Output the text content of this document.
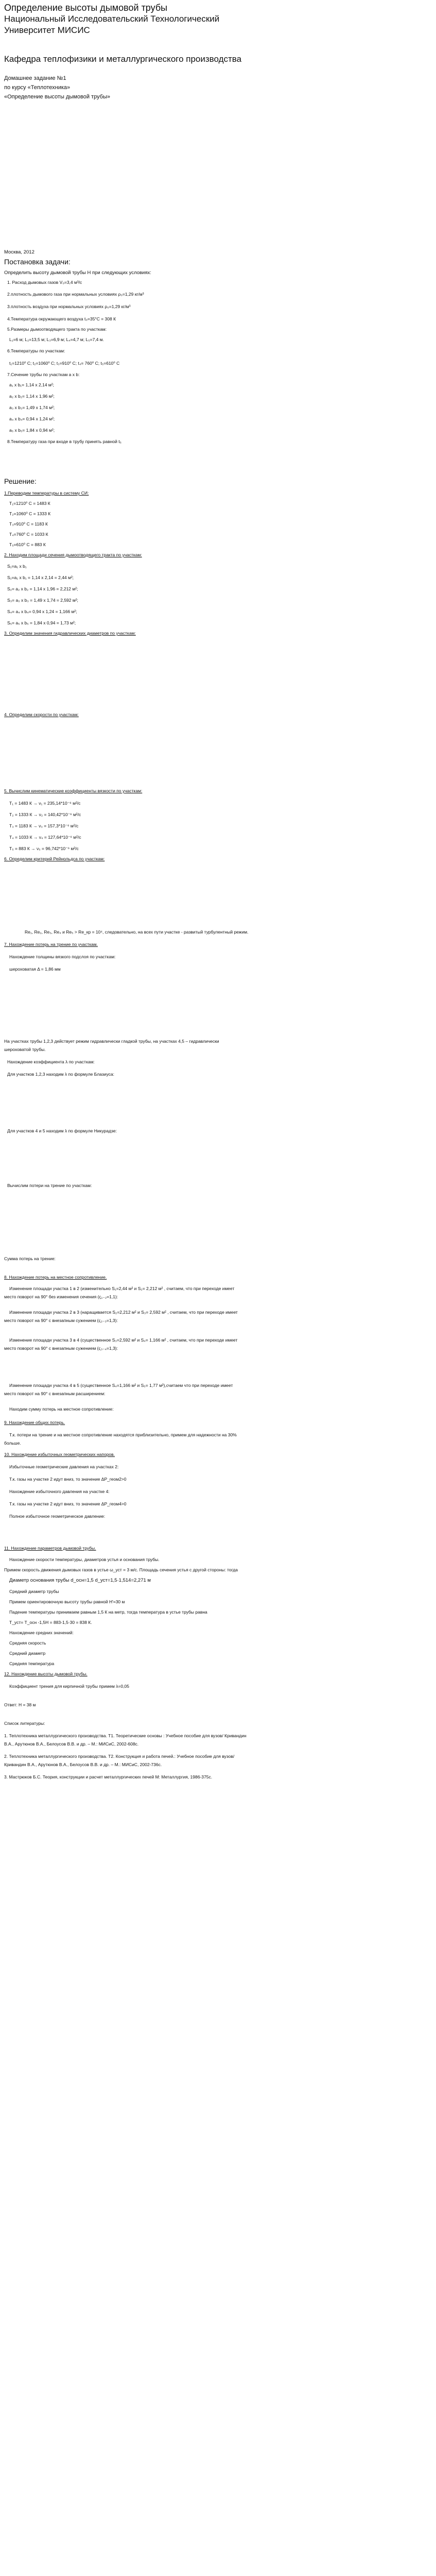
Определение высоты дымовой трубы
Национальный Исследовательский Технологический
Университет МИСИС
Кафедра теплофизики и металлургического производства
Домашнее задание №1
по курсу «Теплотехника»
«Определение высоты дымовой трубы»
Москва, 2012
Постановка задачи:
Определить высоту дымовой трубы Н при следующих условиях:
1. Расход дымовых газов V₀=3,4 м³/с
2.плотность дымового газа при нормальных условиях ρ₀=1,29 кг/м³
3.плотность воздуха при нормальных условиях ρ₀=1,29 кг/м³
4.Температура окружающего воздуха t₀=35°С = 308 К
5.Размеры дымоотводящего тракта по участкам:
L₁=6 м; L₂=13,5 м; L₃=6,9 м; L₄=4,7 м; L₅=7,4 м.
6.Температуры по участкам:
t₁=1210⁰ С; t₂=1060⁰ С; t₃=910⁰ С; t₄= 760⁰ С; t₅=610⁰ С
7.Сечение трубы по участкам а х b:
a₁ x b₁= 1,14 x 2,14 м²;
a₂ x b₂= 1,14 x 1,96 м²;
a₃ x b₃= 1,49 x 1,74 м²;
a₄ x b₄= 0,94 x 1,24 м²;
a₅ x b₅= 1,84 x 0,94 м²;
8.Температуру газа при входе в трубу принять равной t₅
Решение:
1.Переводим температуры в систему СИ:
T₁=1210⁰ С = 1483 К
T₂=1060⁰ С = 1333 К
T₃=910⁰ С = 1183 К
T₄=760⁰ С = 1033 К
T₅=610⁰ С = 883 К
2. Находим площади сечения дымоотводящего тракта по участкам:
S₁=a₁ x b₁
S₁=a₁ x b₁ = 1,14 x 2,14 = 2,44 м²;
S₂= a₂ x b₂ = 1,14 x 1,96 = 2,212 м²;
S₃= a₃ x b₃ = 1,49 x 1,74 = 2,592 м²;
S₄= a₄ x b₄= 0,94 x 1,24 = 1,166 м²;
S₅= a₅ x b₅ = 1,84 x 0,94 = 1,73 м²;
3. Определим значения гидравлических диаметров по участкам:
4. Определим скорости по участкам:
5. Вычислим кинематические коэффициенты вязкости по участкам:
T₁ = 1483 К → ν₁ = 235,14*10⁻⁶ м²/с
T₂ = 1333 К → ν₂ = 140,42*10⁻⁶ м²/с
T₃ = 1183 К → ν₃ = 157,3*10⁻⁶ м²/с
T₄ = 1033 К → ν₄ = 127,64*10⁻⁶ м²/с
T₅ = 883 К → ν₅ = 96,742*10⁻⁶ м²/с
6. Определим критерий Рейнольдса по участкам:
Re₁, Re₂, Re₃, Re₄ и Re₅ > Re_кр = 10⁴, следовательно, на всех пути участке - развитый турбулентный режим.
7. Нахождение потерь на трение по участкам.
Нахождение толщины вязкого подслоя по участкам:
шероховатая Δ = 1,86 мм
На участках трубы 1,2,3 действует режим гидравлически гладкой трубы, на участках 4,5 – гидравлически
шероховатой трубы.
Нахождение коэффициента λ по участкам:
Для участков 1,2,3 находим λ по формуле Блазиуса:
Для участков 4 и 5 находим λ по формуле Никурадзе:
Вычислим потери на трение по участкам:
Сумма потерь на трение:
8. Нахождение потерь на местное сопротивление.
Изменение площади участка 1 в 2 (изменительно S₁=2,44 м² и S₂= 2,212 м² , считаем, что при переходе имеет
место поворот на 90° без изменения сечения (ς₁₋₂=1,1):
Изменение площади участка 2 в 3 (наращивается S₂=2,212 м² и S₃= 2,592 м² , считаем, что при переходе имеет
место поворот на 90° с внезапным сужением (ς₂₋₃=1,3):
Изменение площади участка 3 в 4 (существенное S₃=2,592 м² и S₄= 1,166 м² , считаем, что при переходе имеет
место поворот на 90° с внезапным сужением (ς₃₋₄=1,3):
Изменение площади участка 4 в 5 (существенное S₄=1,166 м² и S₅= 1,77 м²),считаем что при переходе имеет
место поворот на 90° с внезапным расширением:
Находим сумму потерь на местное сопротивление:
9. Нахождение общих потерь.
Т.к. потери на трение и на местное сопротивление находятся приблизительно, примем для надежности на 30%
больше.
10. Нахождение избыточных геометрических напоров.
Избыточные геометрические давления на участках 2:
Т.к. газы на участке 2 идут вниз, то значение ΔP_геом2>0
Нахождение избыточного давления на участке 4:
Т.к. газы на участке 2 идут вниз, то значение ΔP_геом4>0
Полное избыточное геометрическое давление:
11. Нахождение параметров дымовой трубы.
Нахождение скорости температуры, диаметров устья и основания трубы.
Примем скорость движения дымовых газов в устье ω_уст = 3 м/с. Площадь сечения устья с другой стороны: тогда
Диаметр основания трубы d_осн=1,5 d_уст=1,5·1,514=2,271 м
Средний диаметр трубы
Примем ориентировочную высоту трубы равной Н'=30 м
Падение температуры принимаем равным 1,5 К на метр, тогда температура в устье трубы равна
T_уст= T_осн -1,5Н = 883-1,5·30 = 838 К.
Нахождение средних значений:
Средняя скорость
Средний диаметр
Средняя температура
12. Нахождение высоты дымовой трубы.
Коэффициент трения для кирпичной трубы примем λ=0,05
Ответ: Н = 38 м
Список литературы:
1. Теплотехника металлургического производства. Т1. Теоретические основы : Учебное пособие для вузов/ Кривандин
В.А., Арутюнов В.А., Белоусов В.В. и др. – М.: МИСиС, 2002-608с.
2. Теплотехника металлургического производства. Т2. Конструкция и работа печей.: Учебное пособие для вузов/
Кривандин В.А., Арутюнов В.А., Белоусов В.В. и др. – М.: МИСиС, 2002-736с.
3. Мастрюков Б.С. Теория, конструкции и расчет металлургических печей М: Металлургия, 1986-375с.
